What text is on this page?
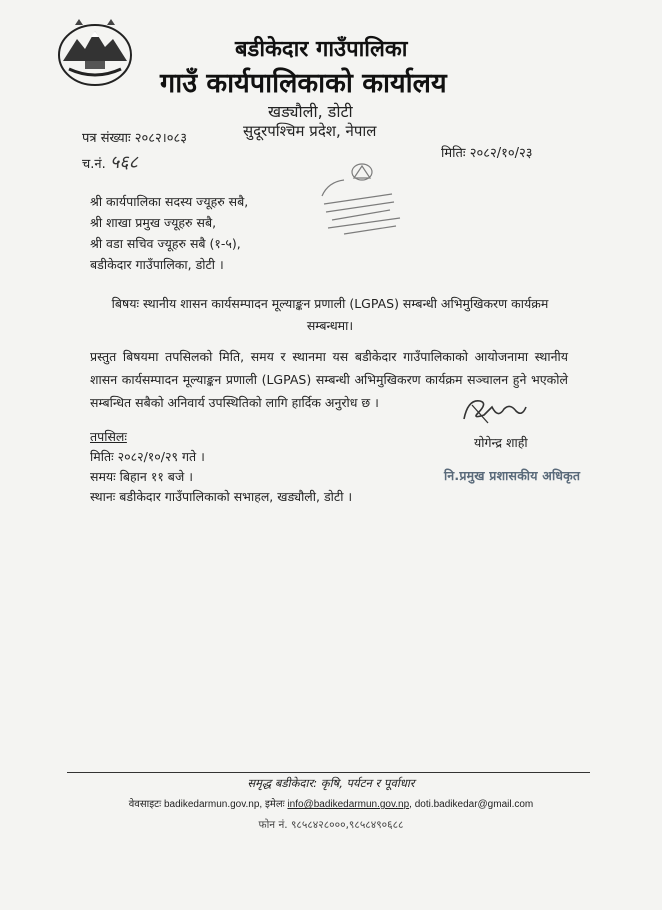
बडीकेदार गाउँपालिका
गाउँ कार्यपालिकाको कार्यालय
खड्यौली, डोटी
सुदूरपश्चिम प्रदेश, नेपाल
पत्र संख्याः २०८२।०८३
च.नं. ५६८	मितिः २०८२/१०/२३
श्री कार्यपालिका सदस्य ज्यूहरु सबै,
श्री शाखा प्रमुख ज्यूहरु सबै,
श्री वडा सचिव ज्यूहरु सबै (१-५),
बडीकेदार गाउँपालिका, डोटी ।
बिषयः स्थानीय शासन कार्यसम्पादन मूल्याङ्कन प्रणाली (LGPAS) सम्बन्धी अभिमुखिकरण कार्यक्रम सम्बन्धमा।
प्रस्तुत बिषयमा तपसिलको मिति, समय र स्थानमा यस बडीकेदार गाउँपालिकाको आयोजनामा स्थानीय शासन कार्यसम्पादन मूल्याङ्कन प्रणाली (LGPAS) सम्बन्धी अभिमुखिकरण कार्यक्रम सञ्चालन हुने भएकोले सम्बन्धित सबैको अनिवार्य उपस्थितिको लागि हार्दिक अनुरोध छ ।
योगेन्द्र शाही
नि.प्रमुख प्रशासकीय अधिकृत
तपसिलः
मितिः २०८२/१०/२९ गते ।
समयः बिहान ११ बजे ।
स्थानः बडीकेदार गाउँपालिकाको सभाहल, खड्यौली, डोटी ।
समृद्ध बडीकेदार: कृषि, पर्यटन र पूर्वाधार
वेवसाइटः badikedarmun.gov.np, इमेलः info@badikedarmun.gov.np, doti.badikedar@gmail.com
फोन नं. ९८५८४२८०००,९८५८४९०६८८
